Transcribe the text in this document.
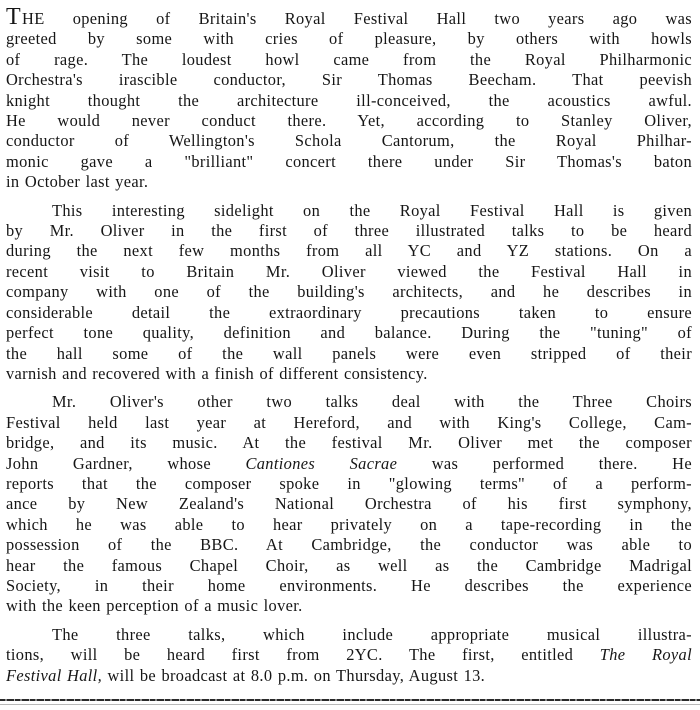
THE opening of Britain's Royal Festival Hall two years ago was
greeted by some with cries of pleasure, by others with howls
of rage. The loudest howl came from the Royal Philharmonic
Orchestra's irascible conductor, Sir Thomas Beecham. That peevish
knight thought the architecture ill-conceived, the acoustics awful.
He would never conduct there. Yet, according to Stanley Oliver,
conductor of Wellington's Schola Cantorum, the Royal Philhar-
monic gave a "brilliant" concert there under Sir Thomas's baton
in October last year.

This interesting sidelight on the Royal Festival Hall is given
by Mr. Oliver in the first of three illustrated talks to be heard
during the next few months from all YC and YZ stations. On a
recent visit to Britain Mr. Oliver viewed the Festival Hall in
company with one of the building's architects, and he describes in
considerable detail the extraordinary precautions taken to ensure
perfect tone quality, definition and balance. During the "tuning" of
the hall some of the wall panels were even stripped of their
varnish and recovered with a finish of different consistency.

Mr. Oliver's other two talks deal with the Three Choirs
Festival held last year at Hereford, and with King's College, Cam-
bridge, and its music. At the festival Mr. Oliver met the composer
John Gardner, whose Cantiones Sacrae was performed there. He
reports that the composer spoke in "glowing terms" of a perform-
ance by New Zealand's National Orchestra of his first symphony,
which he was able to hear privately on a tape-recording in the
possession of the BBC. At Cambridge, the conductor was able to
hear the famous Chapel Choir, as well as the Cambridge Madrigal
Society, in their home environments. He describes the experience
with the keen perception of a music lover.

The three talks, which include appropriate musical illustra-
tions, will be heard first from 2YC. The first, entitled The Royal
Festival Hall, will be broadcast at 8.0 p.m. on Thursday, August 13.
